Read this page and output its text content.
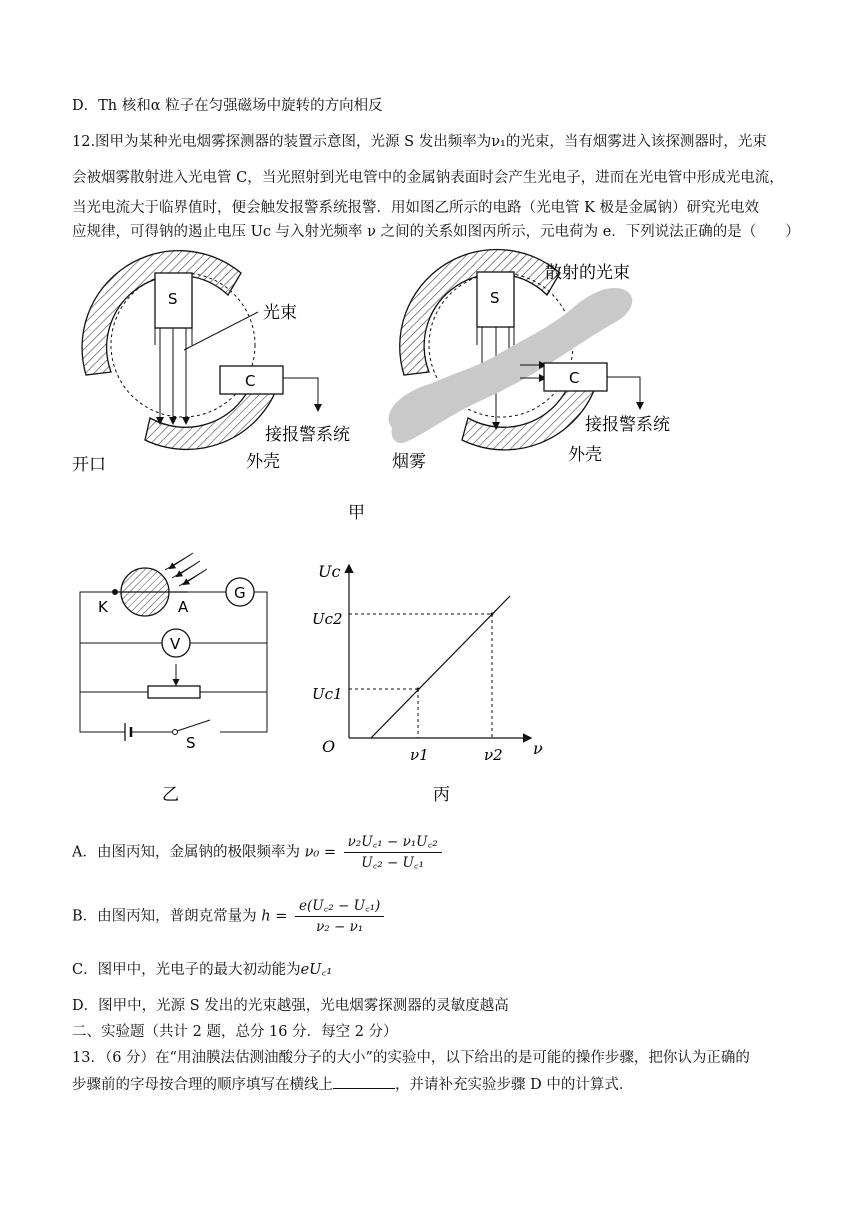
D．Th 核和α 粒子在匀强磁场中旋转的方向相反
12.图甲为某种光电烟雾探测器的装置示意图，光源 S 发出频率为ν₁的光束，当有烟雾进入该探测器时，光束
会被烟雾散射进入光电管 C，当光照射到光电管中的金属钠表面时会产生光电子，进而在光电管中形成光电流，
当光电流大于临界值时，便会触发报警系统报警．用如图乙所示的电路（光电管 K 极是金属钠）研究光电效
应规律，可得钠的遏止电压 Uc 与入射光频率 ν 之间的关系如图丙所示，元电荷为 e．下列说法正确的是（　　）
S
光束
C
接报警系统
开口	外壳
S
C
散射的光束
接报警系统
烟雾	外壳
甲
K	A
G
V
S
乙
Uc
ν
O
Uc2
Uc1
ν1	ν2
丙
A．由图丙知，金属钠的极限频率为 $\nu_0 = \frac{\text{ν₂U꜀₁ − ν₁U꜀₂}}{\text{U꜀₂ − U꜀₁}}$
B．由图丙知，普朗克常量为 $h = \frac{\text{e(U꜀₂ − U꜀₁)}}{\text{ν₂ − ν₁}}$
C．图甲中，光电子的最大初动能为eU꜀₁
D．图甲中，光源 S 发出的光束越强，光电烟雾探测器的灵敏度越高
二、实验题（共计 2 题，总分 16 分．每空 2 分）
13．（6 分）在“用油膜法估测油酸分子的大小”的实验中，以下给出的是可能的操作步骤，把你认为正确的
步骤前的字母按合理的顺序填写在横线上	，并请补充实验步骤 D 中的计算式．
